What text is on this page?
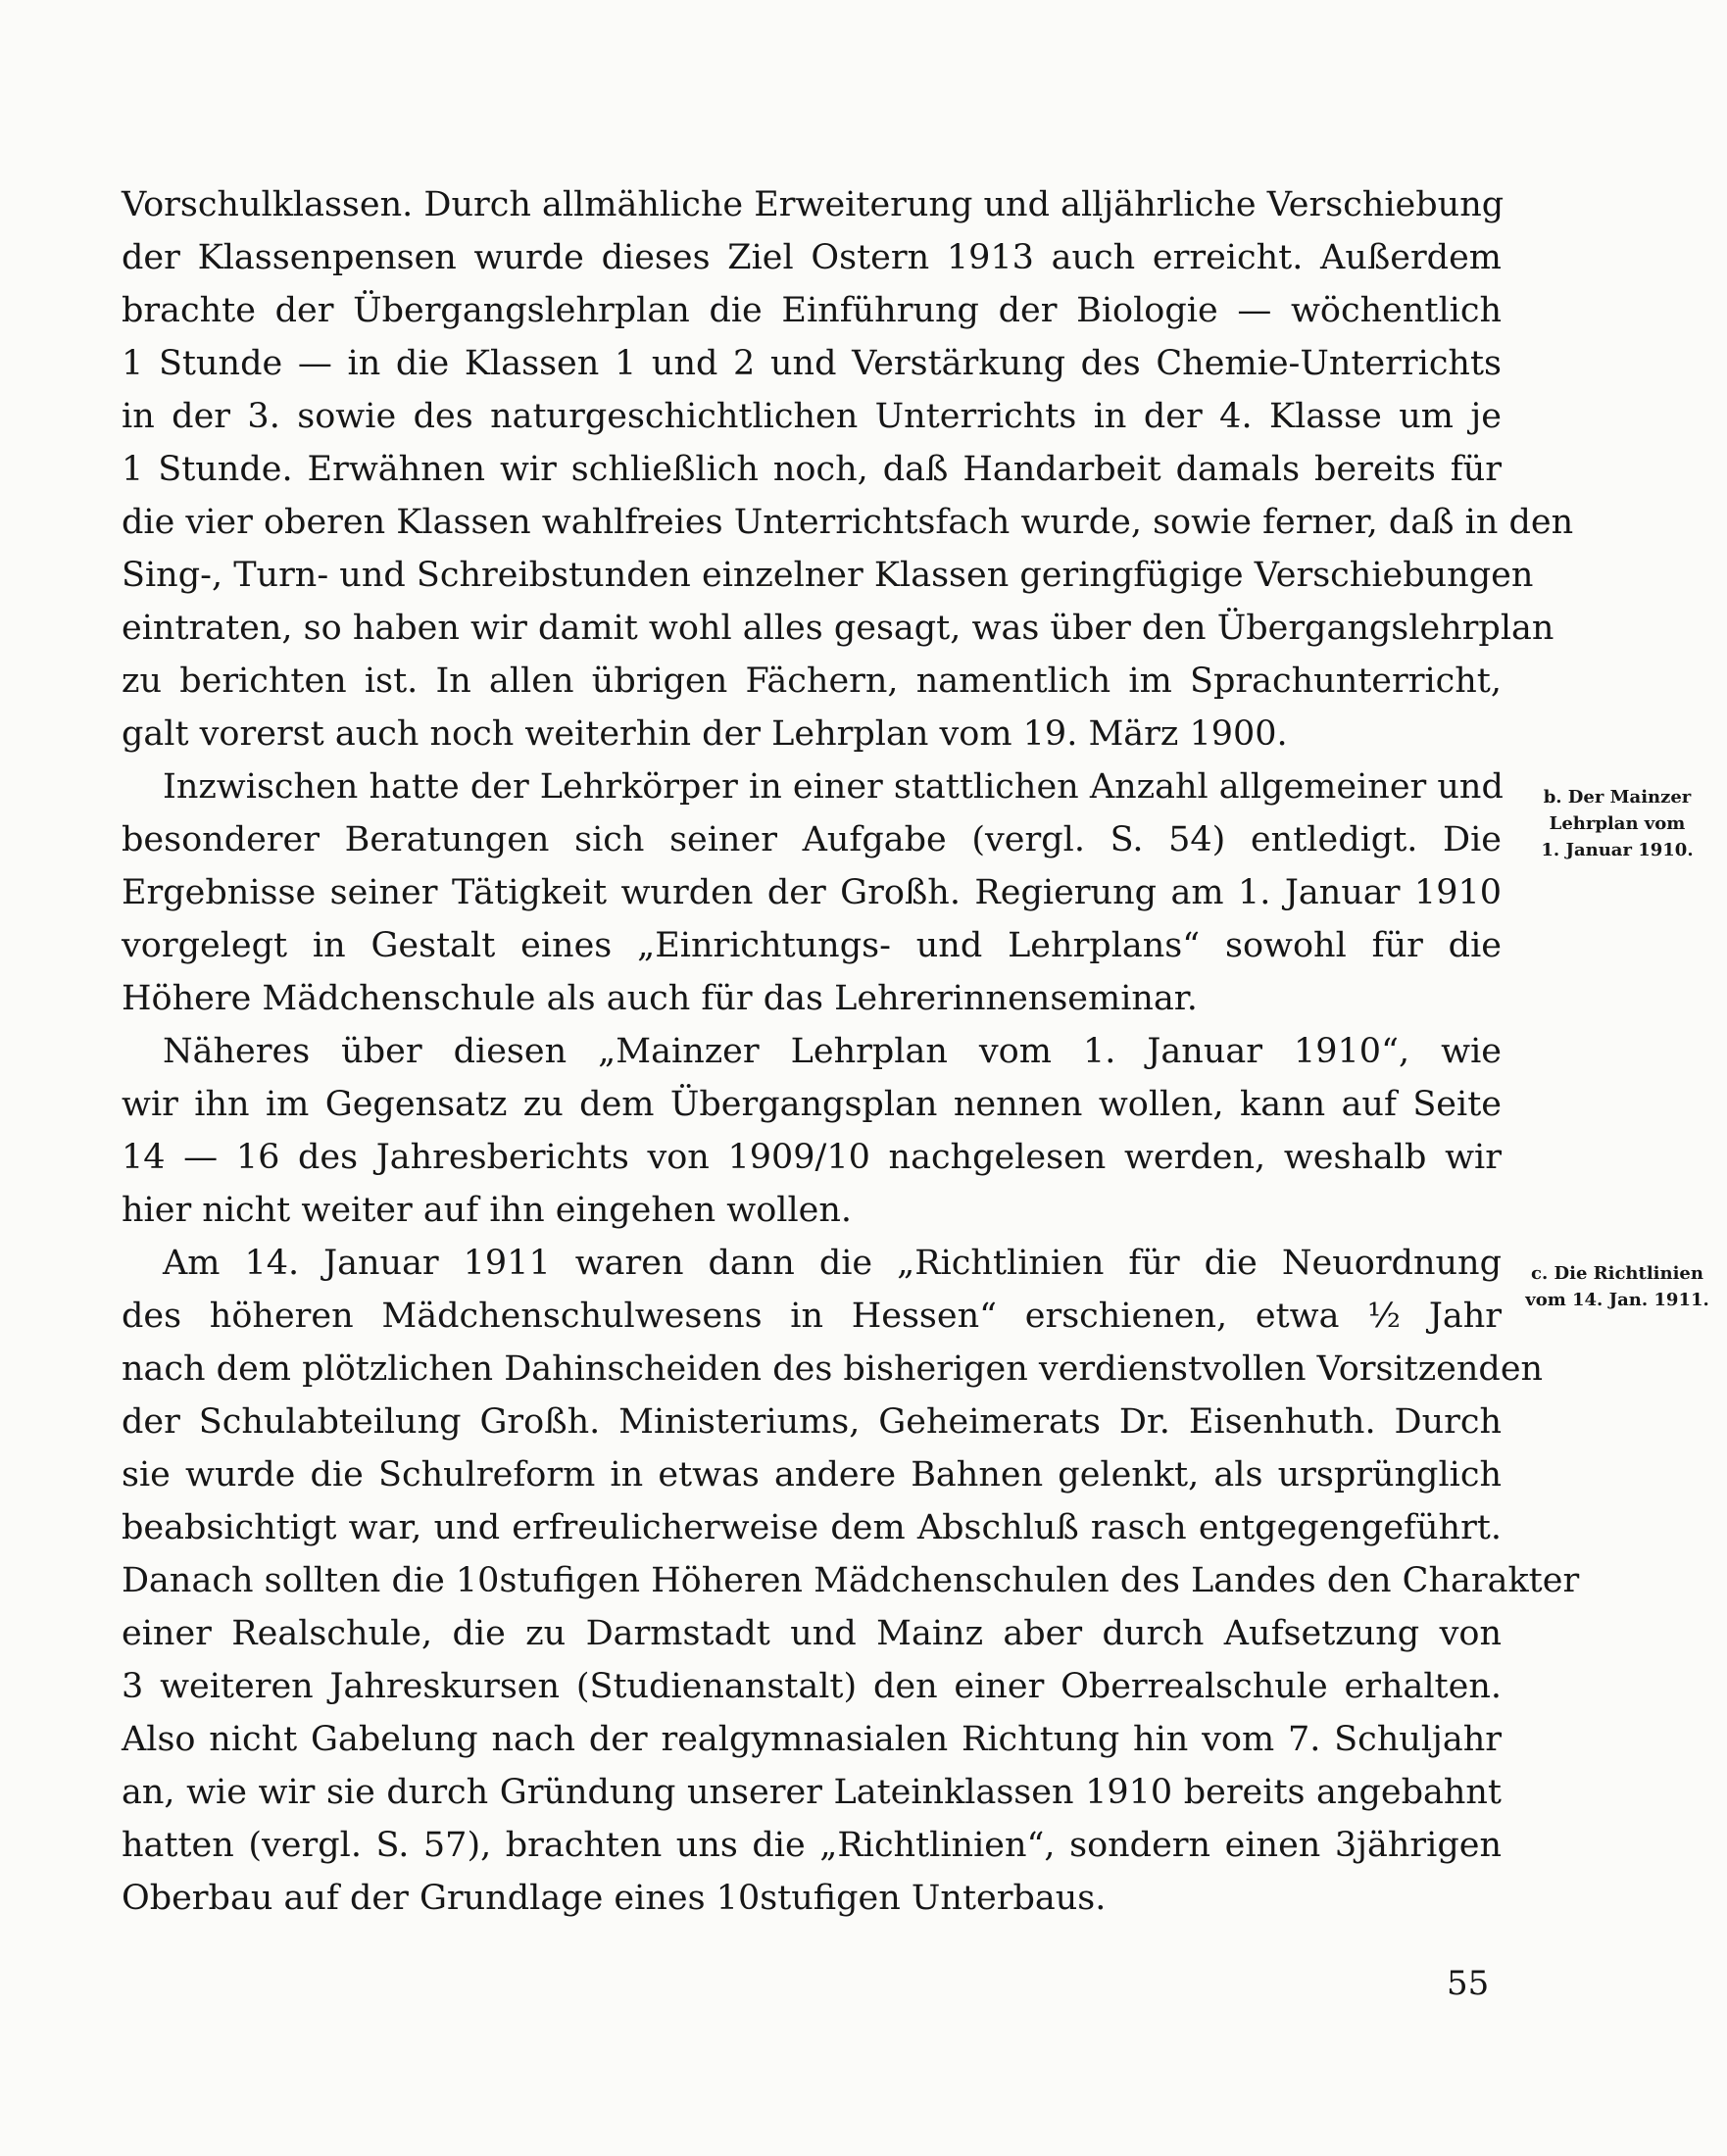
Vorschulklassen. Durch allmähliche Erweiterung und alljährliche Verschiebung

der Klassenpensen wurde dieses Ziel Ostern 1913 auch erreicht. Außerdem

brachte der Übergangslehrplan die Einführung der Biologie — wöchentlich

1 Stunde — in die Klassen 1 und 2 und Verstärkung des Chemie-Unterrichts

in der 3. sowie des naturgeschichtlichen Unterrichts in der 4. Klasse um je

1 Stunde. Erwähnen wir schließlich noch, daß Handarbeit damals bereits für

die vier oberen Klassen wahlfreies Unterrichtsfach wurde, sowie ferner, daß in den

Sing-, Turn- und Schreibstunden einzelner Klassen geringfügige Verschiebungen

eintraten, so haben wir damit wohl alles gesagt, was über den Übergangslehrplan

zu berichten ist. In allen übrigen Fächern, namentlich im Sprachunterricht,

galt vorerst auch noch weiterhin der Lehrplan vom 19. März 1900.

Inzwischen hatte der Lehrkörper in einer stattlichen Anzahl allgemeiner und

besonderer Beratungen sich seiner Aufgabe (vergl. S. 54) entledigt. Die

Ergebnisse seiner Tätigkeit wurden der Großh. Regierung am 1. Januar 1910

vorgelegt in Gestalt eines „Einrichtungs- und Lehrplans“ sowohl für die

Höhere Mädchenschule als auch für das Lehrerinnenseminar.

Näheres über diesen „Mainzer Lehrplan vom 1. Januar 1910“, wie

wir ihn im Gegensatz zu dem Übergangsplan nennen wollen, kann auf Seite

14 — 16 des Jahresberichts von 1909/10 nachgelesen werden, weshalb wir

hier nicht weiter auf ihn eingehen wollen.

Am 14. Januar 1911 waren dann die „Richtlinien für die Neuordnung

des höheren Mädchenschulwesens in Hessen“ erschienen, etwa ½ Jahr

nach dem plötzlichen Dahinscheiden des bisherigen verdienstvollen Vorsitzenden

der Schulabteilung Großh. Ministeriums, Geheimerats Dr. Eisenhuth. Durch

sie wurde die Schulreform in etwas andere Bahnen gelenkt, als ursprünglich

beabsichtigt war, und erfreulicherweise dem Abschluß rasch entgegengeführt.

Danach sollten die 10stufigen Höheren Mädchenschulen des Landes den Charakter

einer Realschule, die zu Darmstadt und Mainz aber durch Aufsetzung von

3 weiteren Jahreskursen (Studienanstalt) den einer Oberrealschule erhalten.

Also nicht Gabelung nach der realgymnasialen Richtung hin vom 7. Schuljahr

an, wie wir sie durch Gründung unserer Lateinklassen 1910 bereits angebahnt

hatten (vergl. S. 57), brachten uns die „Richtlinien“, sondern einen 3jährigen

Oberbau auf der Grundlage eines 10stufigen Unterbaus.

b. Der Mainzer
Lehrplan vom
1. Januar 1910.
c. Die Richtlinien
vom 14. Jan. 1911.
55
